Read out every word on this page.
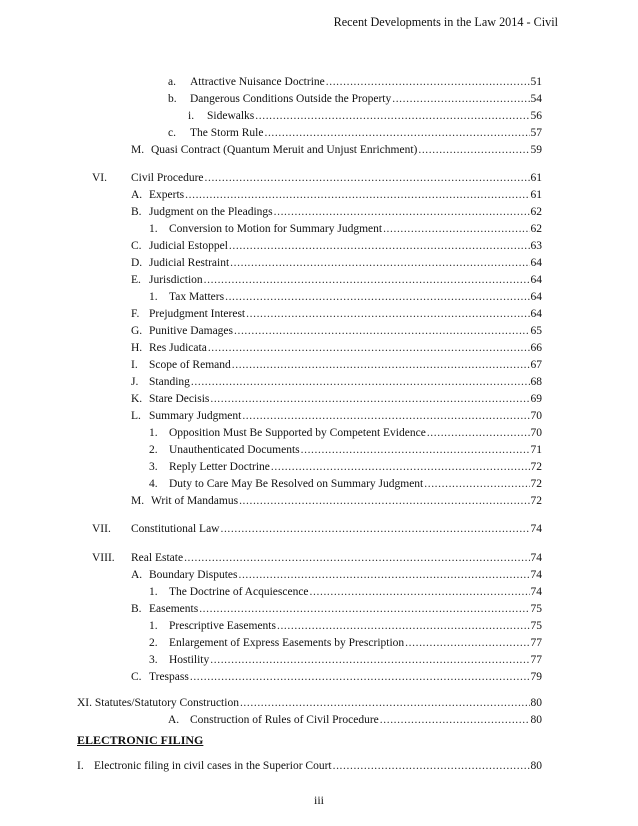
Recent Developments in the Law 2014 - Civil
a.	Attractive Nuisance Doctrine .....	51
b.	Dangerous Conditions Outside the Property .....	54
i.	Sidewalks .....	56
c.	The Storm Rule .....	57
M. Quasi Contract (Quantum Meruit and Unjust Enrichment) .....	59
VI.	Civil Procedure .....	61
A. Experts .....	61
B. Judgment on the Pleadings .....	62
1. Conversion to Motion for Summary Judgment .....	62
C. Judicial Estoppel .....	63
D. Judicial Restraint .....	64
E. Jurisdiction .....	64
1. Tax Matters .....	64
F. Prejudgment Interest .....	64
G. Punitive Damages .....	65
H. Res Judicata .....	66
I. Scope of Remand .....	67
J. Standing .....	68
K. Stare Decisis .....	69
L. Summary Judgment .....	70
1. Opposition Must Be Supported by Competent Evidence .....	70
2. Unauthenticated Documents .....	71
3. Reply Letter Doctrine .....	72
4. Duty to Care May Be Resolved on Summary Judgment .....	72
M. Writ of Mandamus .....	72
VII.	Constitutional Law .....	74
VIII.	Real Estate .....	74
A. Boundary Disputes .....	74
1. The Doctrine of Acquiescence .....	74
B. Easements .....	75
1. Prescriptive Easements .....	75
2. Enlargement of Express Easements by Prescription .....	77
3. Hostility .....	77
C. Trespass .....	79
XI. Statutes/Statutory Construction .....	80
A. Construction of Rules of Civil Procedure .....	80
ELECTRONIC FILING
I. Electronic filing in civil cases in the Superior Court .....	80
iii
